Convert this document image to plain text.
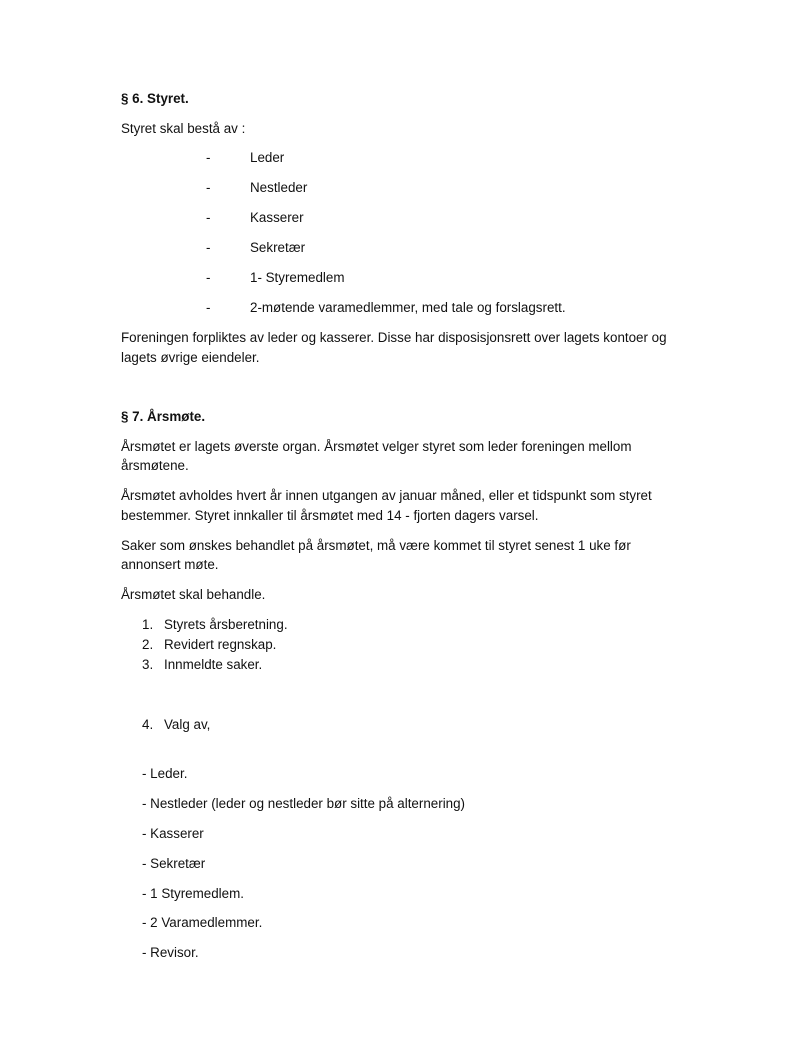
§ 6. Styret.
Styret skal bestå av :
-	Leder
-	Nestleder
-	Kasserer
-	Sekretær
-	1- Styremedlem
-	2-møtende varamedlemmer, med tale og forslagsrett.
Foreningen forpliktes av leder og kasserer. Disse har disposisjonsrett over lagets kontoer og
lagets øvrige eiendeler.
§ 7. Årsmøte.
Årsmøtet er lagets øverste organ. Årsmøtet velger styret som leder foreningen mellom
årsmøtene.
Årsmøtet avholdes hvert år innen utgangen av januar måned, eller et tidspunkt som styret
bestemmer. Styret innkaller til årsmøtet med 14 - fjorten dagers varsel.
Saker som ønskes behandlet på årsmøtet, må være kommet til styret senest 1 uke før
annonsert møte.
Årsmøtet skal behandle.
1. Styrets årsberetning.
2. Revidert regnskap.
3. Innmeldte saker.
4. Valg av,
- Leder.
- Nestleder (leder og nestleder bør sitte på alternering)
- Kasserer
- Sekretær
- 1 Styremedlem.
- 2 Varamedlemmer.
- Revisor.
